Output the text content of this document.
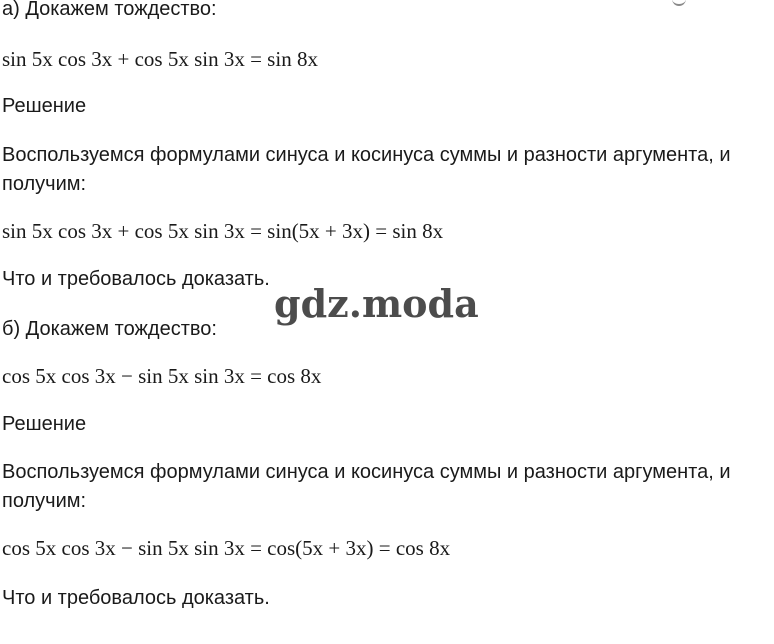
а) Докажем тождество:
sin 5x cos 3x + cos 5x sin 3x = sin 8x
Решение
Воспользуемся формулами синуса и косинуса суммы и разности аргумента, и
получим:
sin 5x cos 3x + cos 5x sin 3x = sin(5x + 3x) = sin 8x
Что и требовалось доказать.
б) Докажем тождество:
cos 5x cos 3x − sin 5x sin 3x = cos 8x
Решение
Воспользуемся формулами синуса и косинуса суммы и разности аргумента, и
получим:
cos 5x cos 3x − sin 5x sin 3x = cos(5x + 3x) = cos 8x
Что и требовалось доказать.
gdz.moda
